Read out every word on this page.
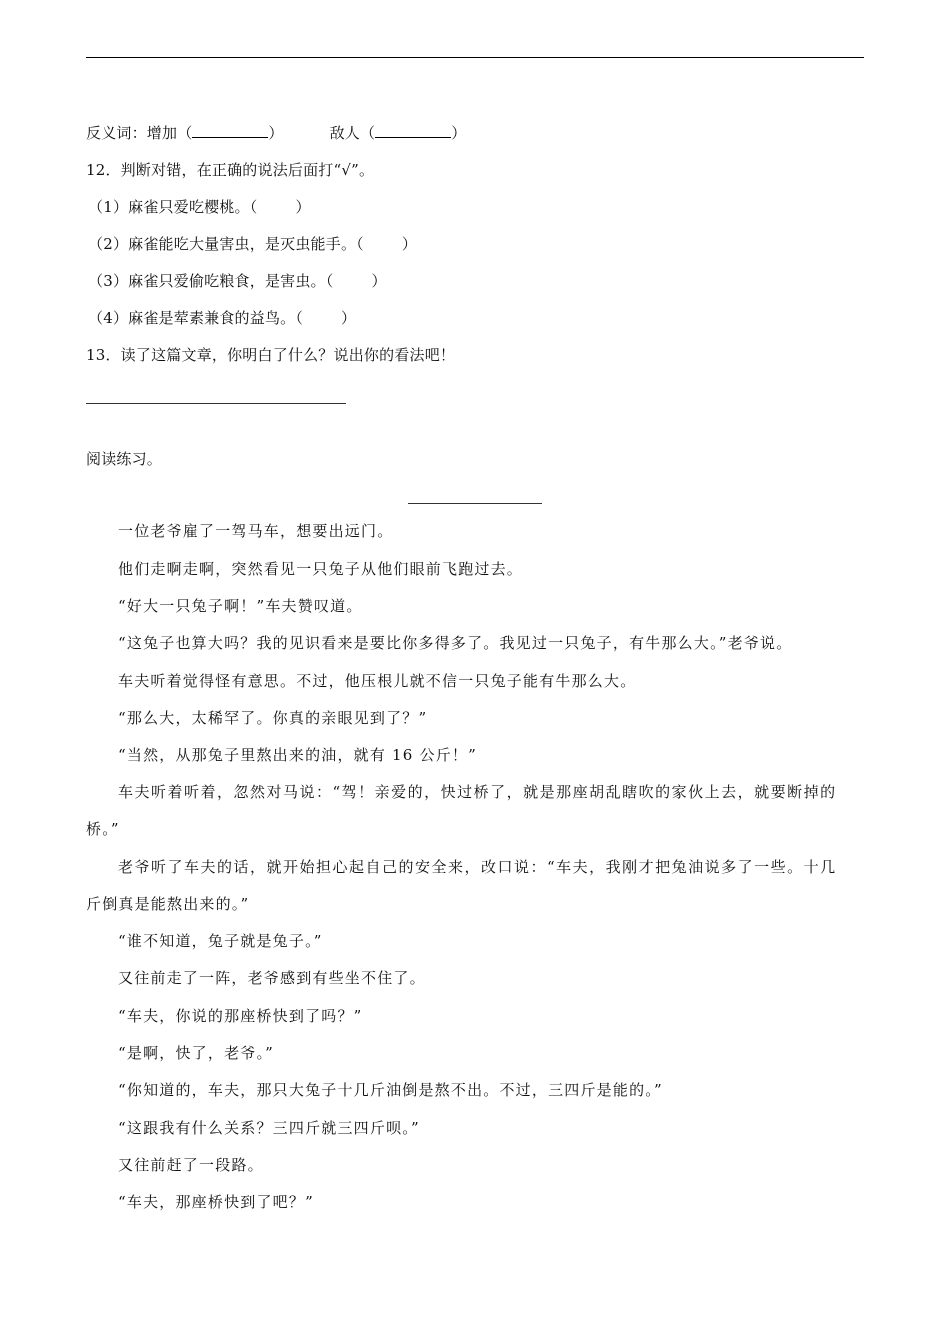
反义词：增加（	）	敌人（	）
12．判断对错，在正确的说法后面打“√”。
（1）麻雀只爱吃樱桃。（	）
（2）麻雀能吃大量害虫，是灭虫能手。（	）
（3）麻雀只爱偷吃粮食，是害虫。（	）
（4）麻雀是荤素兼食的益鸟。（	）
13．读了这篇文章，你明白了什么？说出你的看法吧！
阅读练习。
一位老爷雇了一驾马车，想要出远门。
他们走啊走啊，突然看见一只兔子从他们眼前飞跑过去。
“好大一只兔子啊！”车夫赞叹道。
“这兔子也算大吗？我的见识看来是要比你多得多了。我见过一只兔子，有牛那么大。”老爷说。
车夫听着觉得怪有意思。不过，他压根儿就不信一只兔子能有牛那么大。
“那么大，太稀罕了。你真的亲眼见到了？”
“当然，从那兔子里熬出来的油，就有 16 公斤！”
车夫听着听着，忽然对马说：“驾！亲爱的，快过桥了，就是那座胡乱瞎吹的家伙上去，就要断掉的
桥。”
老爷听了车夫的话，就开始担心起自己的安全来，改口说：“车夫，我刚才把兔油说多了一些。十几
斤倒真是能熬出来的。”
“谁不知道，兔子就是兔子。”
又往前走了一阵，老爷感到有些坐不住了。
“车夫，你说的那座桥快到了吗？”
“是啊，快了，老爷。”
“你知道的，车夫，那只大兔子十几斤油倒是熬不出。不过，三四斤是能的。”
“这跟我有什么关系？三四斤就三四斤呗。”
又往前赶了一段路。
“车夫，那座桥快到了吧？”
